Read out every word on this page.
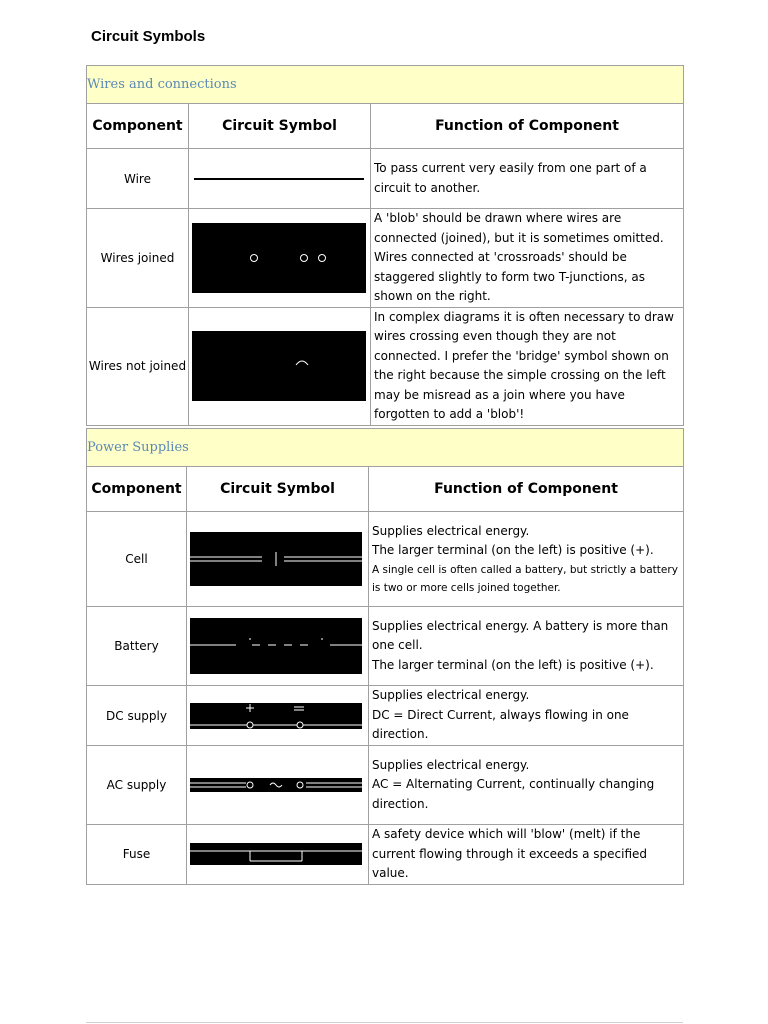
Circuit Symbols
Wires and connections		
Component	Circuit Symbol	Function of Component
Wire		To pass current very easily from one part of a circuit to another.

Wires joined		A 'blob' should be drawn where wires are connected (joined), but it is sometimes omitted. Wires connected at 'crossroads' should be staggered slightly to form two T-junctions, as shown on the right.

Wires not joined		In complex diagrams it is often necessary to draw wires crossing even though they are not connected. I prefer the 'bridge' symbol shown on the right because the simple crossing on the left may be misread as a join where you have forgotten to add a 'blob'!
Power Supplies		
Component	Circuit Symbol	Function of Component
Cell		Supplies electrical energy.
The larger terminal (on the left) is positive (+).
A single cell is often called a battery, but strictly a battery is two or more cells joined together.

Battery		Supplies electrical energy. A battery is more than one cell.
The larger terminal (on the left) is positive (+).

DC supply		Supplies electrical energy.
DC = Direct Current, always flowing in one direction.

AC supply		Supplies electrical energy.
AC = Alternating Current, continually changing direction.

Fuse		A safety device which will 'blow' (melt) if the current flowing through it exceeds a specified value.
